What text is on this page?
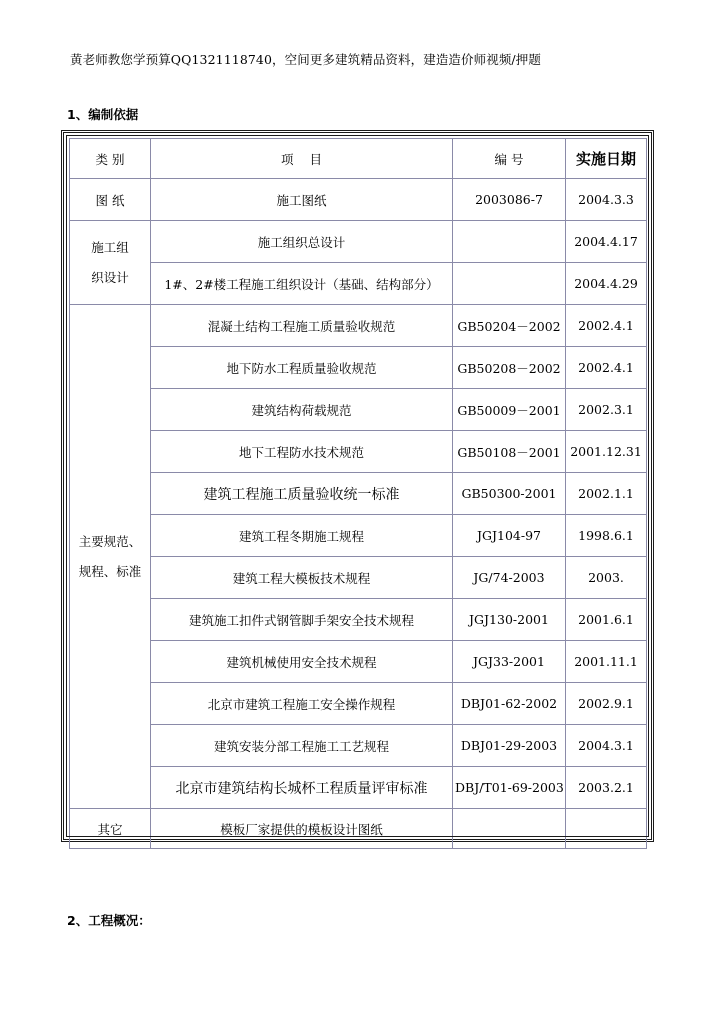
黄老师教您学预算QQ1321118740，空间更多建筑精品资料，建造造价师视频/押题
1、编制依据
类 别	项    目	编 号	实施日期
图 纸	施工图纸	2003086-7	2004.3.3
施工组
织设计	施工组织总设计		2004.4.17
	1#、2#楼工程施工组织设计（基础、结构部分）		2004.4.29
主要规范、
规程、标准	混凝土结构工程施工质量验收规范	GB50204－2002	2002.4.1
	地下防水工程质量验收规范	GB50208－2002	2002.4.1
	建筑结构荷载规范	GB50009－2001	2002.3.1
	地下工程防水技术规范	GB50108－2001	2001.12.31
	建筑工程施工质量验收统一标准	GB50300-2001	2002.1.1
	建筑工程冬期施工规程	JGJ104-97	1998.6.1
	建筑工程大模板技术规程	JG/74-2003	2003.
	建筑施工扣件式钢管脚手架安全技术规程	JGJ130-2001	2001.6.1
	建筑机械使用安全技术规程	JGJ33-2001	2001.11.1
	北京市建筑工程施工安全操作规程	DBJ01-62-2002	2002.9.1
	建筑安装分部工程施工工艺规程	DBJ01-29-2003	2004.3.1
	北京市建筑结构长城杯工程质量评审标准	DBJ/T01-69-2003	2003.2.1
其它	模板厂家提供的模板设计图纸		
2、工程概况：
